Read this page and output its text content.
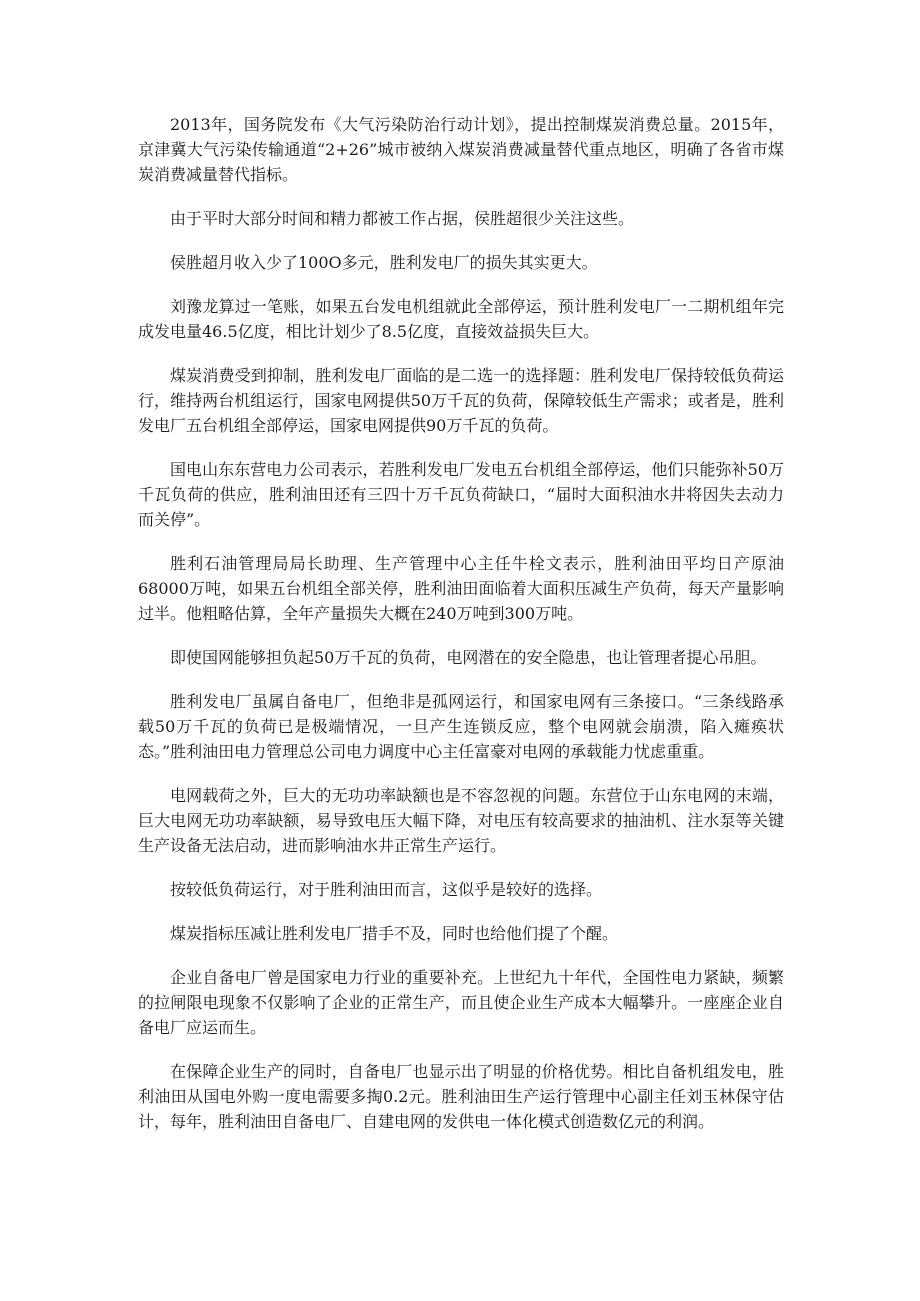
2013年，国务院发布《大气污染防治行动计划》，提出控制煤炭消费总量。2015年，京津冀大气污染传输通道“2+26”城市被纳入煤炭消费减量替代重点地区，明确了各省市煤炭消费减量替代指标。

由于平时大部分时间和精力都被工作占据，侯胜超很少关注这些。

侯胜超月收入少了100O多元，胜利发电厂的损失其实更大。

刘豫龙算过一笔账，如果五台发电机组就此全部停运，预计胜利发电厂一二期机组年完成发电量46.5亿度，相比计划少了8.5亿度，直接效益损失巨大。

煤炭消费受到抑制，胜利发电厂面临的是二选一的选择题：胜利发电厂保持较低负荷运行，维持两台机组运行，国家电网提供50万千瓦的负荷，保障较低生产需求；或者是，胜利发电厂五台机组全部停运，国家电网提供90万千瓦的负荷。

国电山东东营电力公司表示，若胜利发电厂发电五台机组全部停运，他们只能弥补50万千瓦负荷的供应，胜利油田还有三四十万千瓦负荷缺口，“届时大面积油水井将因失去动力而关停”。

胜利石油管理局局长助理、生产管理中心主任牛栓文表示，胜利油田平均日产原油68000万吨，如果五台机组全部关停，胜利油田面临着大面积压减生产负荷，每天产量影响过半。他粗略估算，全年产量损失大概在240万吨到300万吨。

即使国网能够担负起50万千瓦的负荷，电网潜在的安全隐患，也让管理者提心吊胆。

胜利发电厂虽属自备电厂，但绝非是孤网运行，和国家电网有三条接口。“三条线路承载50万千瓦的负荷已是极端情况，一旦产生连锁反应，整个电网就会崩溃，陷入瘫痪状态。”胜利油田电力管理总公司电力调度中心主任富豪对电网的承载能力忧虑重重。

电网载荷之外，巨大的无功功率缺额也是不容忽视的问题。东营位于山东电网的末端，巨大电网无功功率缺额，易导致电压大幅下降，对电压有较高要求的抽油机、注水泵等关键生产设备无法启动，进而影响油水井正常生产运行。

按较低负荷运行，对于胜利油田而言，这似乎是较好的选择。

煤炭指标压减让胜利发电厂措手不及，同时也给他们提了个醒。

企业自备电厂曾是国家电力行业的重要补充。上世纪九十年代，全国性电力紧缺，频繁的拉闸限电现象不仅影响了企业的正常生产，而且使企业生产成本大幅攀升。一座座企业自备电厂应运而生。

在保障企业生产的同时，自备电厂也显示出了明显的价格优势。相比自备机组发电，胜利油田从国电外购一度电需要多掏0.2元。胜利油田生产运行管理中心副主任刘玉林保守估计，每年，胜利油田自备电厂、自建电网的发供电一体化模式创造数亿元的利润。
